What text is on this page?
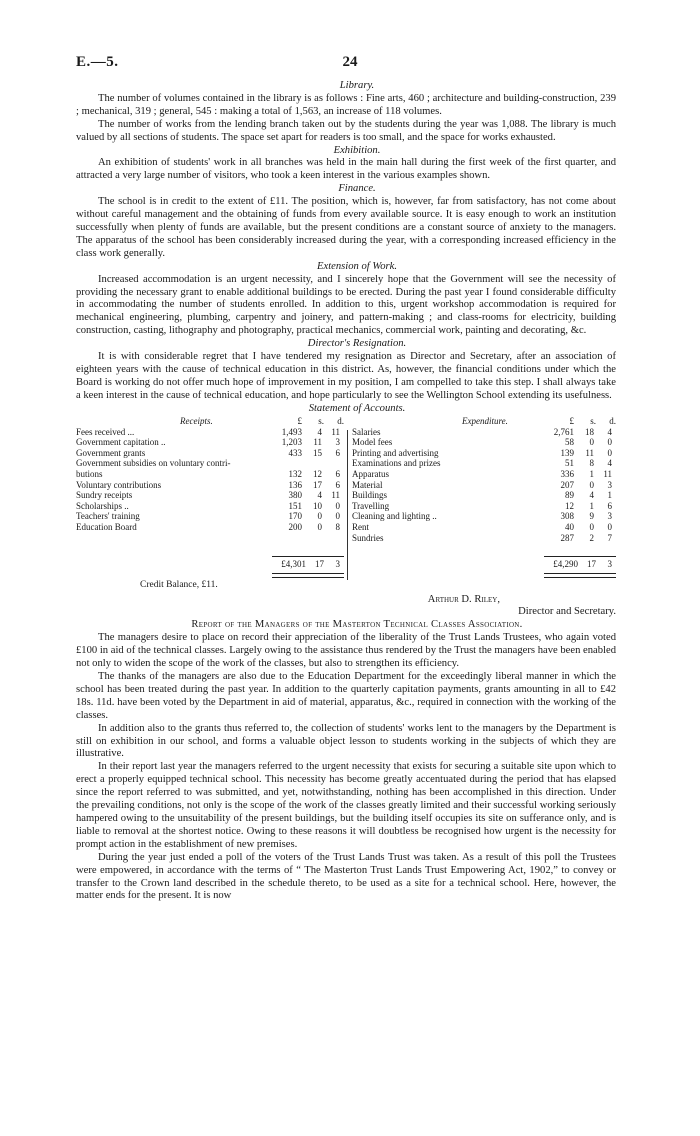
E.—5.	24

Library.

The number of volumes contained in the library is as follows : Fine arts, 460 ; architecture and building-construction, 239 ; mechanical, 319 ; general, 545 : making a total of 1,563, an increase of 118 volumes.

The number of works from the lending branch taken out by the students during the year was 1,088. The library is much valued by all sections of students. The space set apart for readers is too small, and the space for works exhausted.

Exhibition.

An exhibition of students' work in all branches was held in the main hall during the first week of the first quarter, and attracted a very large number of visitors, who took a keen interest in the various examples shown.

Finance.

The school is in credit to the extent of £11. The position, which is, however, far from satisfactory, has not come about without careful management and the obtaining of funds from every available source. It is easy enough to work an institution successfully when plenty of funds are available, but the present conditions are a constant source of anxiety to the managers. The apparatus of the school has been considerably increased during the year, with a corresponding increased efficiency in the class work generally.

Extension of Work.

Increased accommodation is an urgent necessity, and I sincerely hope that the Government will see the necessity of providing the necessary grant to enable additional buildings to be erected. During the past year I found considerable difficulty in accommodating the number of students enrolled. In addition to this, urgent workshop accommodation is required for mechanical engineering, plumbing, carpentry and joinery, and pattern-making ; and class-rooms for electricity, building construction, casting, lithography and photography, practical mechanics, commercial work, painting and decorating, &c.

Director's Resignation.

It is with considerable regret that I have tendered my resignation as Director and Secretary, after an association of eighteen years with the cause of technical education in this district. As, however, the financial conditions under which the Board is working do not offer much hope of improvement in my position, I am compelled to take this step. I shall always take a keen interest in the cause of technical education, and hope particularly to see the Wellington School extending its usefulness.

Statement of Accounts.

Receipts.	£	s.	d.
Fees received ...	1,493	4	11
Government capitation ..	1,203	11	3
Government grants	433	15	6
Government subsidies on voluntary contri-
butions	132	12	6
Voluntary contributions	136	17	6
Sundry receipts	380	4	11
Scholarships ..	151	10	0
Teachers' training	170	0	0
Education Board	200	0	8
Expenditure.	£	s.	d.
Salaries	2,761	18	4
Model fees	58	0	0
Printing and advertising	139	11	0
Examinations and prizes	51	8	4
Apparatus	336	1	11
Material	207	0	3
Buildings	89	4	1
Travelling	12	1	6
Cleaning and lighting ..	308	9	3
Rent	40	0	0
Sundries	287	2	7
£4,301	17	3	£4,290	17	3
Credit Balance, £11.

Arthur D. Riley,

Director and Secretary.

Report of the Managers of the Masterton Technical Classes Association.

The managers desire to place on record their appreciation of the liberality of the Trust Lands Trustees, who again voted £100 in aid of the technical classes. Largely owing to the assistance thus rendered by the Trust the managers have been enabled not only to widen the scope of the work of the classes, but also to strengthen its efficiency.

The thanks of the managers are also due to the Education Department for the exceedingly liberal manner in which the school has been treated during the past year. In addition to the quarterly capitation payments, grants amounting in all to £42 18s. 11d. have been voted by the Department in aid of material, apparatus, &c., required in connection with the working of the classes.

In addition also to the grants thus referred to, the collection of students' works lent to the managers by the Department is still on exhibition in our school, and forms a valuable object lesson to students working in the subjects of which they are illustrative.

In their report last year the managers referred to the urgent necessity that exists for securing a suitable site upon which to erect a properly equipped technical school. This necessity has become greatly accentuated during the period that has elapsed since the report referred to was submitted, and yet, notwithstanding, nothing has been accomplished in this direction. Under the prevailing conditions, not only is the scope of the work of the classes greatly limited and their successful working seriously hampered owing to the unsuitability of the present buildings, but the building itself occupies its site on sufferance only, and is liable to removal at the shortest notice. Owing to these reasons it will doubtless be recognised how urgent is the necessity for prompt action in the establishment of new premises.

During the year just ended a poll of the voters of the Trust Lands Trust was taken. As a result of this poll the Trustees were empowered, in accordance with the terms of “ The Masterton Trust Lands Trust Empowering Act, 1902,” to convey or transfer to the Crown land described in the schedule thereto, to be used as a site for a technical school. Here, however, the matter ends for the present. It is now
